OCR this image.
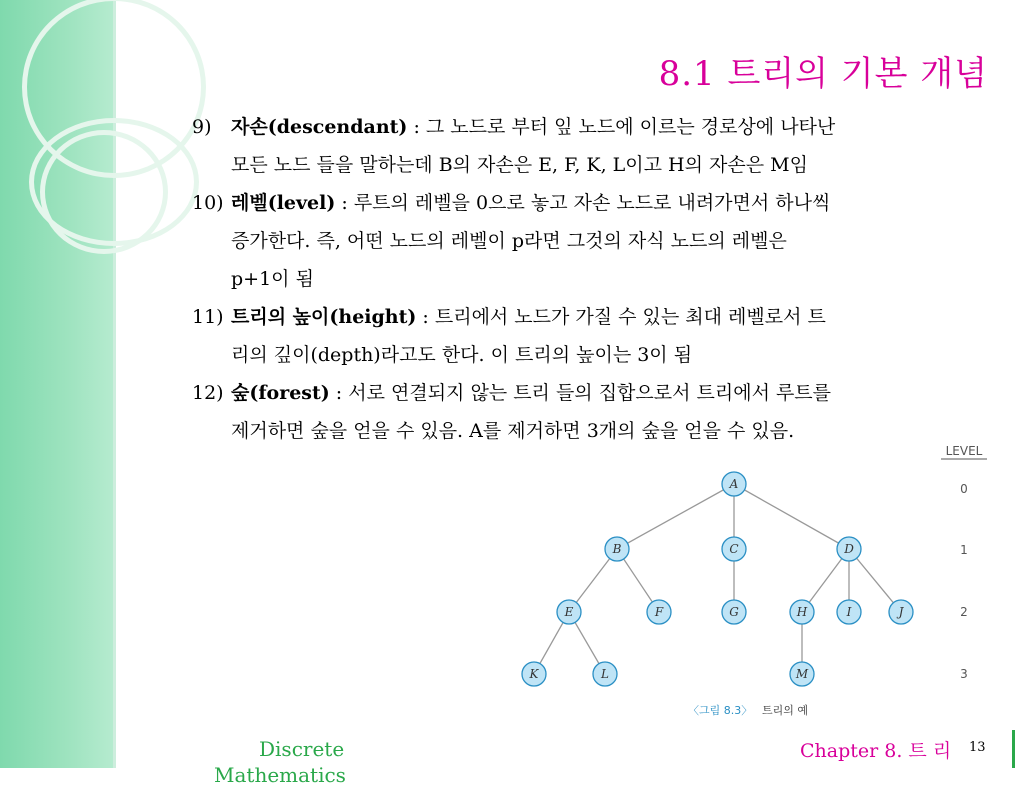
8.1 트리의 기본 개념
9)	자손(descendant) : 그 노드로 부터 잎 노드에 이르는 경로상에 나타난
모든 노드 들을 말하는데 B의 자손은 E, F, K, L이고 H의 자손은 M임
10) 레벨(level) : 루트의 레벨을 0으로 놓고 자손 노드로 내려가면서 하나씩
증가한다. 즉, 어떤 노드의 레벨이 p라면 그것의 자식 노드의 레벨은
p+1이 됨
11) 트리의 높이(height) : 트리에서 노드가 가질 수 있는 최대 레벨로서 트
리의 깊이(depth)라고도 한다. 이 트리의 높이는 3이 됨
12) 숲(forest) : 서로 연결되지 않는 트리 들의 집합으로서 트리에서 루트를
제거하면 숲을 얻을 수 있음. A를 제거하면 3개의 숲을 얻을 수 있음.
A
B	C	D
E	F	G	H	I	J
K	L	M
LEVEL
0
1
2
3
〈그림 8.3〉 트리의 예
Discrete
Mathematics
Chapter 8. 트 리 13
